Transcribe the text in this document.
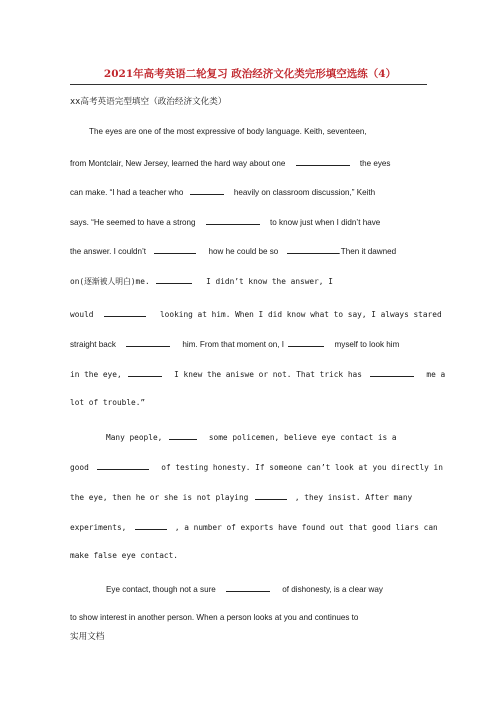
2021年高考英语二轮复习 政治经济文化类完形填空选练（4）
xx高考英语完型填空（政治经济文化类）
The eyes are one of the most expressive of body language. Keith, seventeen,
from Montclair, New Jersey, learned the hard way about one	the eyes
can make. “I had a teacher who	heavily on classroom discussion,” Keith
says. “He seemed to have a strong	to know just when I didn’t have
the answer. I couldn’t	how he could be so	.Then it dawned
on(逐渐被人明白)me.	I didn’t know the answer, I
would	looking at him. When I did know what to say, I always stared
straight back	him. From that moment on, I	myself to look him
in the eye,	I knew the aniswe or not. That trick has	me a
lot of trouble.”
Many people,	some policemen, believe eye contact is a
good	of testing honesty. If someone can’t look at you directly in
the eye, then he or she is not playing	, they insist. After many
experiments,	, a number of exports have found out that good liars can
make false eye contact.
Eye contact, though not a sure	of dishonesty, is a clear way
to show interest in another person. When a person looks at you and continues to
实用文档
